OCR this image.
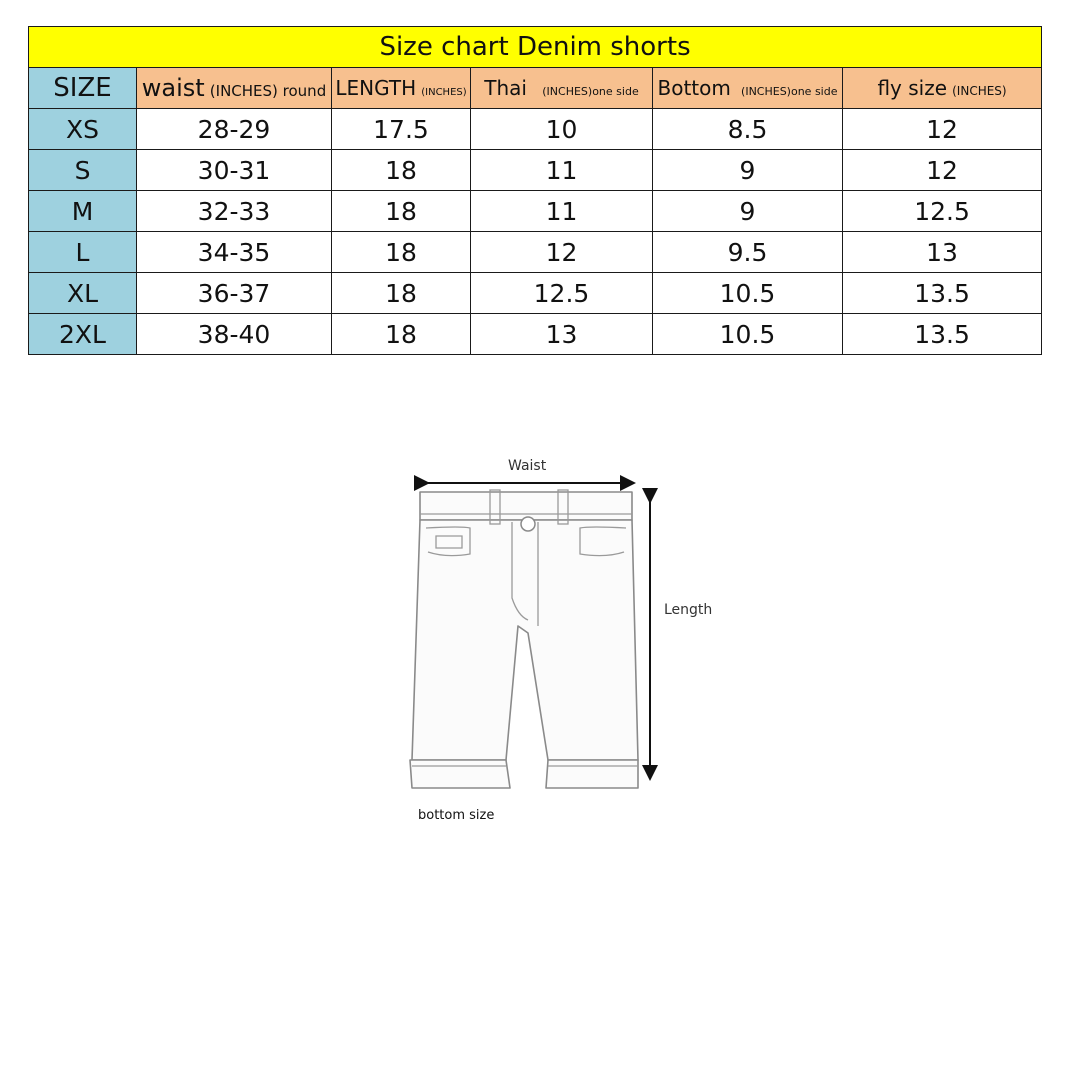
Size chart Denim shorts					
SIZE	waist (INCHES) round	LENGTH (INCHES)	Thai (INCHES)one side	Bottom (INCHES)one side	fly size (INCHES)
XS	28-29	17.5	10	8.5	12
S	30-31	18	11	9	12
M	32-33	18	11	9	12.5
L	34-35	18	12	9.5	13
XL	36-37	18	12.5	10.5	13.5
2XL	38-40	18	13	10.5	13.5
Waist
Length
bottom size
